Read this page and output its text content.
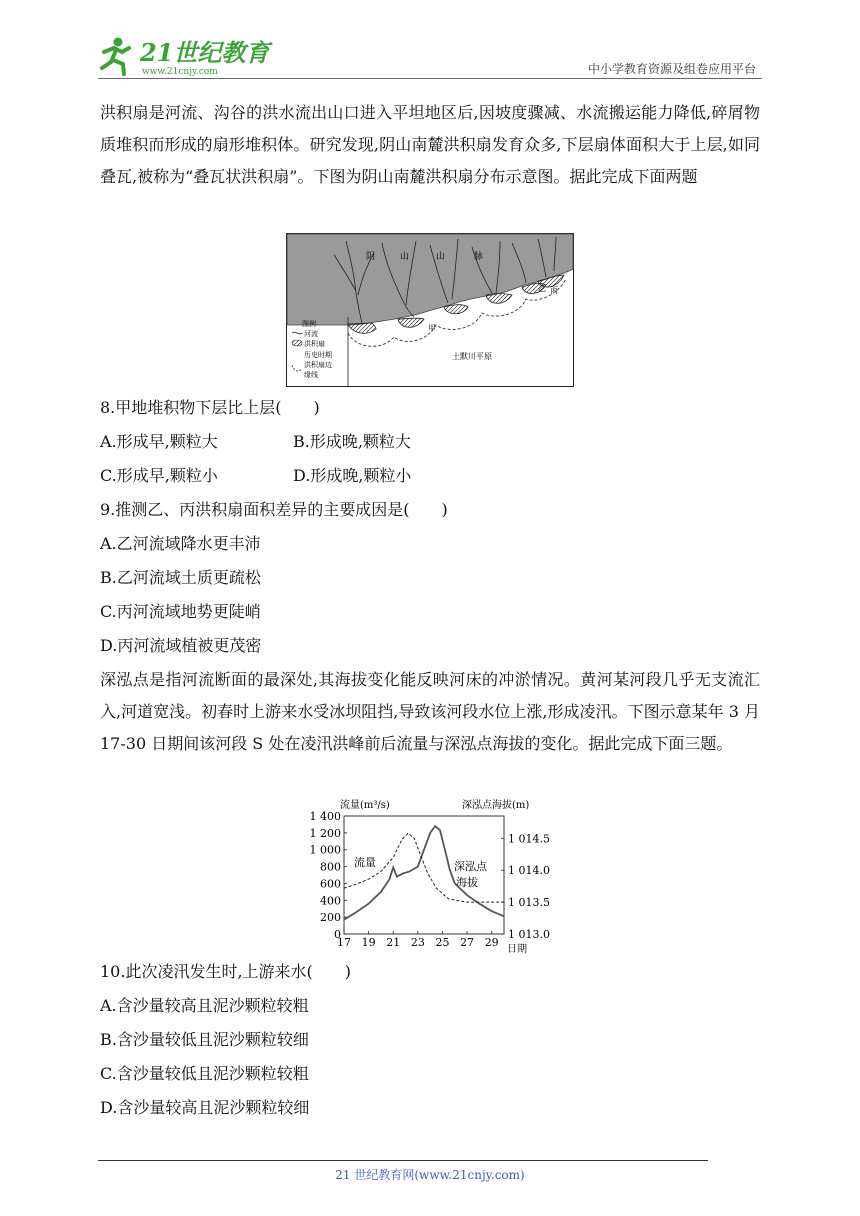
21世纪教育
www.21cnjy.com	中小学教育资源及组卷应用平台
洪积扇是河流、沟谷的洪水流出山口进入平坦地区后,因坡度骤减、水流搬运能力降低,碎屑物质堆积而形成的扇形堆积体。研究发现,阴山南麓洪积扇发育众多,下层扇体面积大于上层,如同叠瓦,被称为“叠瓦状洪积扇”。下图为阴山南麓洪积扇分布示意图。据此完成下面两题
阴	山	山	脉
甲
丙
乙
土默川平原
图例
河流
洪积扇
历史时期
洪积扇边
缘线
8.甲地堆积物下层比上层(　　)
A.形成早,颗粒大	B.形成晚,颗粒大
C.形成早,颗粒小	D.形成晚,颗粒小
9.推测乙、丙洪积扇面积差异的主要成因是(　　)
A.乙河流域降水更丰沛
B.乙河流域土质更疏松
C.丙河流域地势更陡峭
D.丙河流域植被更茂密
深泓点是指河流断面的最深处,其海拔变化能反映河床的冲淤情况。黄河某河段几乎无支流汇入,河道宽浅。初春时上游来水受冰坝阻挡,导致该河段水位上涨,形成凌汛。下图示意某年 3 月 17-30 日期间该河段 S 处在凌汛洪峰前后流量与深泓点海拔的变化。据此完成下面三题。
流量(m³/s)	深泓点海拔(m)
日期
流量	深泓点
海拔
17 19 21 23 25 27 29
0
200
400
600
800
1 000
1 200
1 400
1 013.0
1 013.5
1 014.0
1 014.5
10.此次凌汛发生时,上游来水(　　)
A.含沙量较高且泥沙颗粒较粗
B.含沙量较低且泥沙颗粒较细
C.含沙量较低且泥沙颗粒较粗
D.含沙量较高且泥沙颗粒较细
21 世纪教育网(www.21cnjy.com)
